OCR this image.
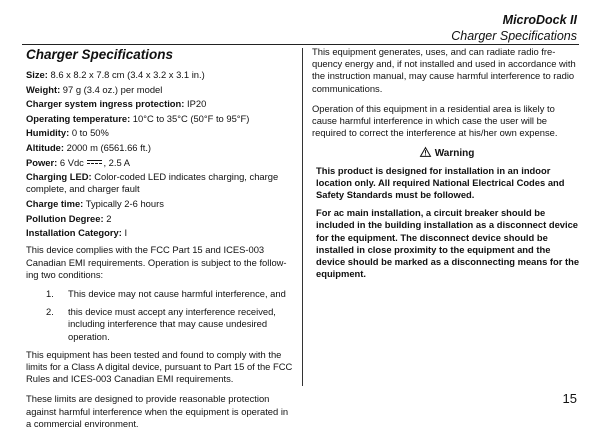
MicroDock II
Charger Specifications
Charger Specifications
Size: 8.6 x 8.2 x 7.8 cm (3.4 x 3.2 x 3.1 in.)
Weight: 97 g (3.4 oz.) per model
Charger system ingress protection: IP20
Operating temperature: 10°C to 35°C (50°F to 95°F)
Humidity: 0 to 50%
Altitude: 2000 m (6561.66 ft.)
Power: 6 Vdc
, 2.5 A
Charging LED: Color-coded LED indicates charging, charge complete, and charger fault
Charge time: Typically 2-6 hours
Pollution Degree: 2
Installation Category: I

This device complies with the FCC Part 15 and ICES-003 Canadian EMI requirements. Operation is subject to the follow-ing two conditions:

1.	This device may not cause harmful interference, and
2.	this device must accept any interference received, including interference that may cause undesired operation.

This equipment has been tested and found to comply with the limits for a Class A digital device, pursuant to Part 15 of the FCC Rules and ICES-003 Canadian EMI requirements.

These limits are designed to provide reasonable protection against harmful interference when the equipment is operated in a commercial environment.

This equipment generates, uses, and can radiate radio fre-quency energy and, if not installed and used in accordance with the instruction manual, may cause harmful interference to radio communications.

Operation of this equipment in a residential area is likely to cause harmful interference in which case the user will be required to correct the interference at his/her own expense.

Warning

This product is designed for installation in an indoor location only. All required National Electrical Codes and Safety Standards must be followed.

For ac main installation, a circuit breaker should be included in the building installation as a disconnect device for the equipment. The disconnect device should be installed in close proximity to the equipment and the device should be marked as a disconnecting means for the equipment.

15
